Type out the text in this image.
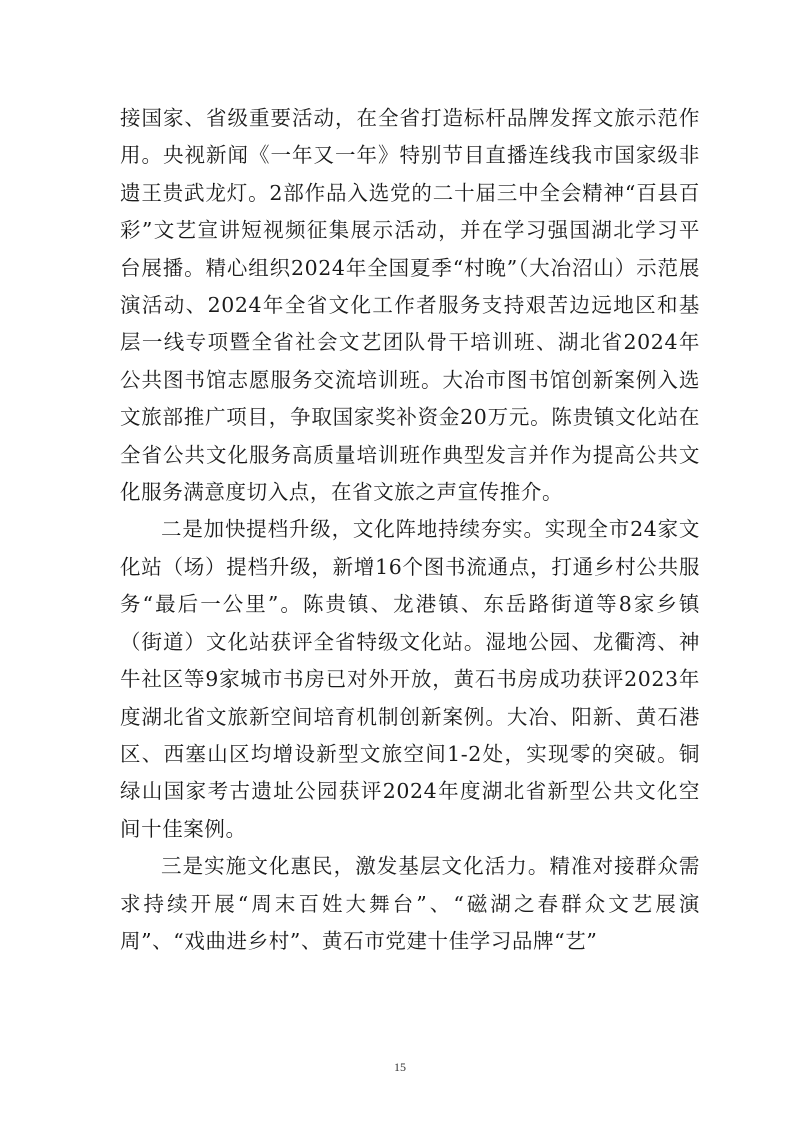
接国家、省级重要活动，在全省打造标杆品牌发挥文旅示范作用。央视新闻《一年又一年》特别节目直播连线我市国家级非遗王贵武龙灯。2部作品入选党的二十届三中全会精神“百县百彩”文艺宣讲短视频征集展示活动，并在学习强国湖北学习平台展播。精心组织2024年全国夏季“村晚”（大冶沼山）示范展演活动、2024年全省文化工作者服务支持艰苦边远地区和基层一线专项暨全省社会文艺团队骨干培训班、湖北省2024年公共图书馆志愿服务交流培训班。大冶市图书馆创新案例入选文旅部推广项目，争取国家奖补资金20万元。陈贵镇文化站在全省公共文化服务高质量培训班作典型发言并作为提高公共文化服务满意度切入点，在省文旅之声宣传推介。

二是加快提档升级，文化阵地持续夯实。实现全市24家文化站（场）提档升级，新增16个图书流通点，打通乡村公共服务“最后一公里”。陈贵镇、龙港镇、东岳路街道等8家乡镇（街道）文化站获评全省特级文化站。湿地公园、龙衢湾、神牛社区等9家城市书房已对外开放，黄石书房成功获评2023年度湖北省文旅新空间培育机制创新案例。大冶、阳新、黄石港区、西塞山区均增设新型文旅空间1-2处，实现零的突破。铜绿山国家考古遗址公园获评2024年度湖北省新型公共文化空间十佳案例。

三是实施文化惠民，激发基层文化活力。精准对接群众需求持续开展“周末百姓大舞台”、“磁湖之春群众文艺展演周”、“戏曲进乡村”、黄石市党建十佳学习品牌“艺”

15
